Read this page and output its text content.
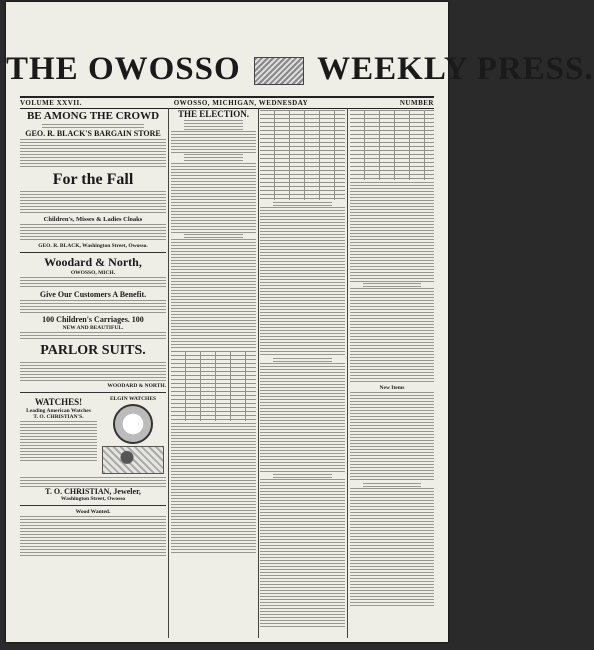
THE OWOSSO WEEKLY PRESS.
VOLUME XXVII.	OWOSSO, MICHIGAN, WEDNESDAY	NUMBER
BE AMONG THE CROWD
GEO. R. BLACK'S BARGAIN STORE
For the Fall
Children's, Misses & Ladies Cloaks
GEO. R. BLACK, Washington Street, Owosso.
Woodard & North,
OWOSSO, MICH.
Give Our Customers A Benefit.
100 Children's Carriages. 100
NEW AND BEAUTIFUL.
PARLOR SUITS.
WOODARD & NORTH.
WATCHES!
Leading American Watches
T. O. CHRISTIAN'S.
ELGIN WATCHES
T. O. CHRISTIAN, Jeweler,
Washington Street, Owosso
Wood Wanted.
THE ELECTION.
New Items
